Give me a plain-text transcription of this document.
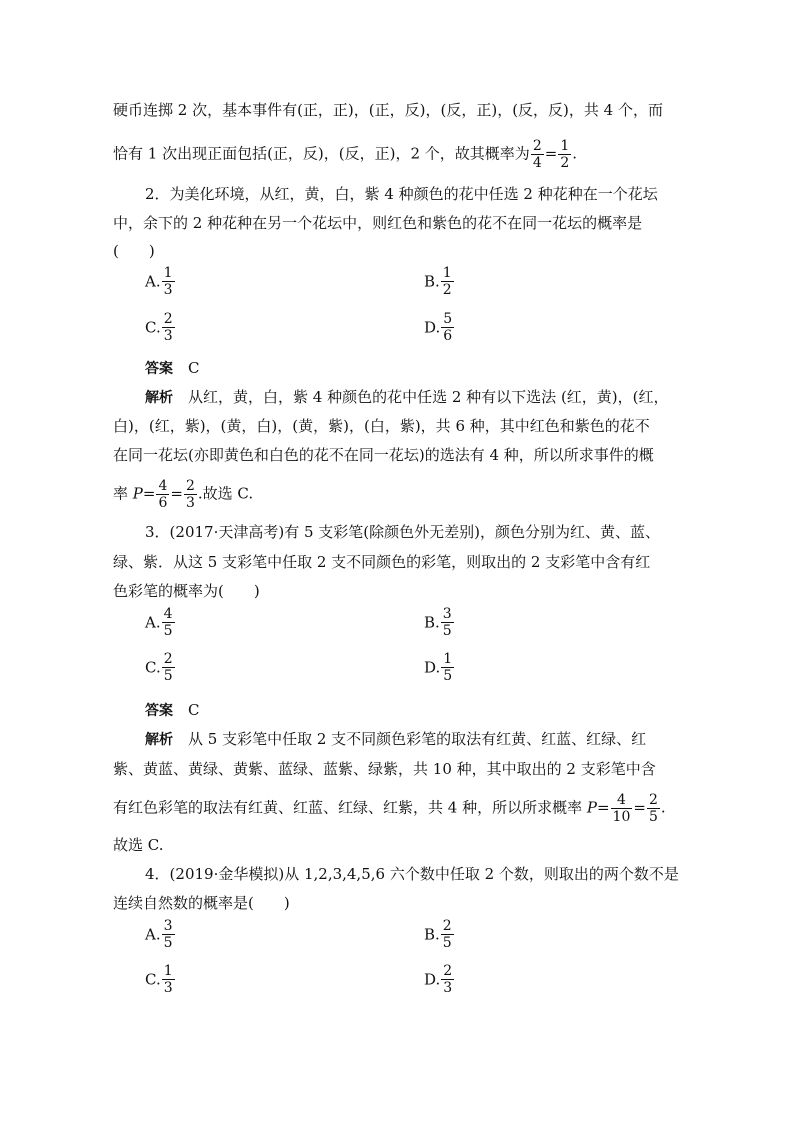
硬币连掷 2 次，基本事件有(正，正)，(正，反)，(反，正)，(反，反)，共 4 个，而
恰有 1 次出现正面包括(正，反)，(反，正)，2 个，故其概率为 $\frac{2}{4} = \frac{1}{2}$ .
2．为美化环境，从红，黄，白，紫 4 种颜色的花中任选 2 种花种在一个花坛
中，余下的 2 种花种在另一个花坛中，则红色和紫色的花不在同一花坛的概率是
(　　)
A. $\frac{1}{3}$	B. $\frac{1}{2}$
C. $\frac{2}{3}$	D. $\frac{5}{6}$
答案　 C
解析　 从红，黄，白，紫 4 种颜色的花中任选 2 种有以下选法 (红，黄)，(红，
白)，(红，紫)，(黄，白)，(黄，紫)，(白，紫)，共 6 种，其中红色和紫色的花不
在同一花坛(亦即黄色和白色的花不在同一花坛)的选法有 4 种，所以所求事件的概
率 $P= \frac{4}{6} = \frac{2}{3}$ .故选 C.
3．(2017·天津高考)有 5 支彩笔(除颜色外无差别)，颜色分别为红、黄、蓝、
绿、紫．从这 5 支彩笔中任取 2 支不同颜色的彩笔，则取出的 2 支彩笔中含有红
色彩笔的概率为(　　)
A. $\frac{4}{5}$	B. $\frac{3}{5}$
C. $\frac{2}{5}$	D. $\frac{1}{5}$
答案　 C
解析　 从 5 支彩笔中任取 2 支不同颜色彩笔的取法有红黄、红蓝、红绿、红
紫、黄蓝、黄绿、黄紫、蓝绿、蓝紫、绿紫，共 10 种，其中取出的 2 支彩笔中含
有红色彩笔的取法有红黄、红蓝、红绿、红紫，共 4 种，所以所求概率 $P= \frac{4}{10} = \frac{2}{5}$ .
故选 C.
4．(2019·金华模拟)从 1,2,3,4,5,6 六个数中任取 2 个数，则取出的两个数不是
连续自然数的概率是(　　)
A. $\frac{3}{5}$	B. $\frac{2}{5}$
C. $\frac{1}{3}$	D. $\frac{2}{3}$
